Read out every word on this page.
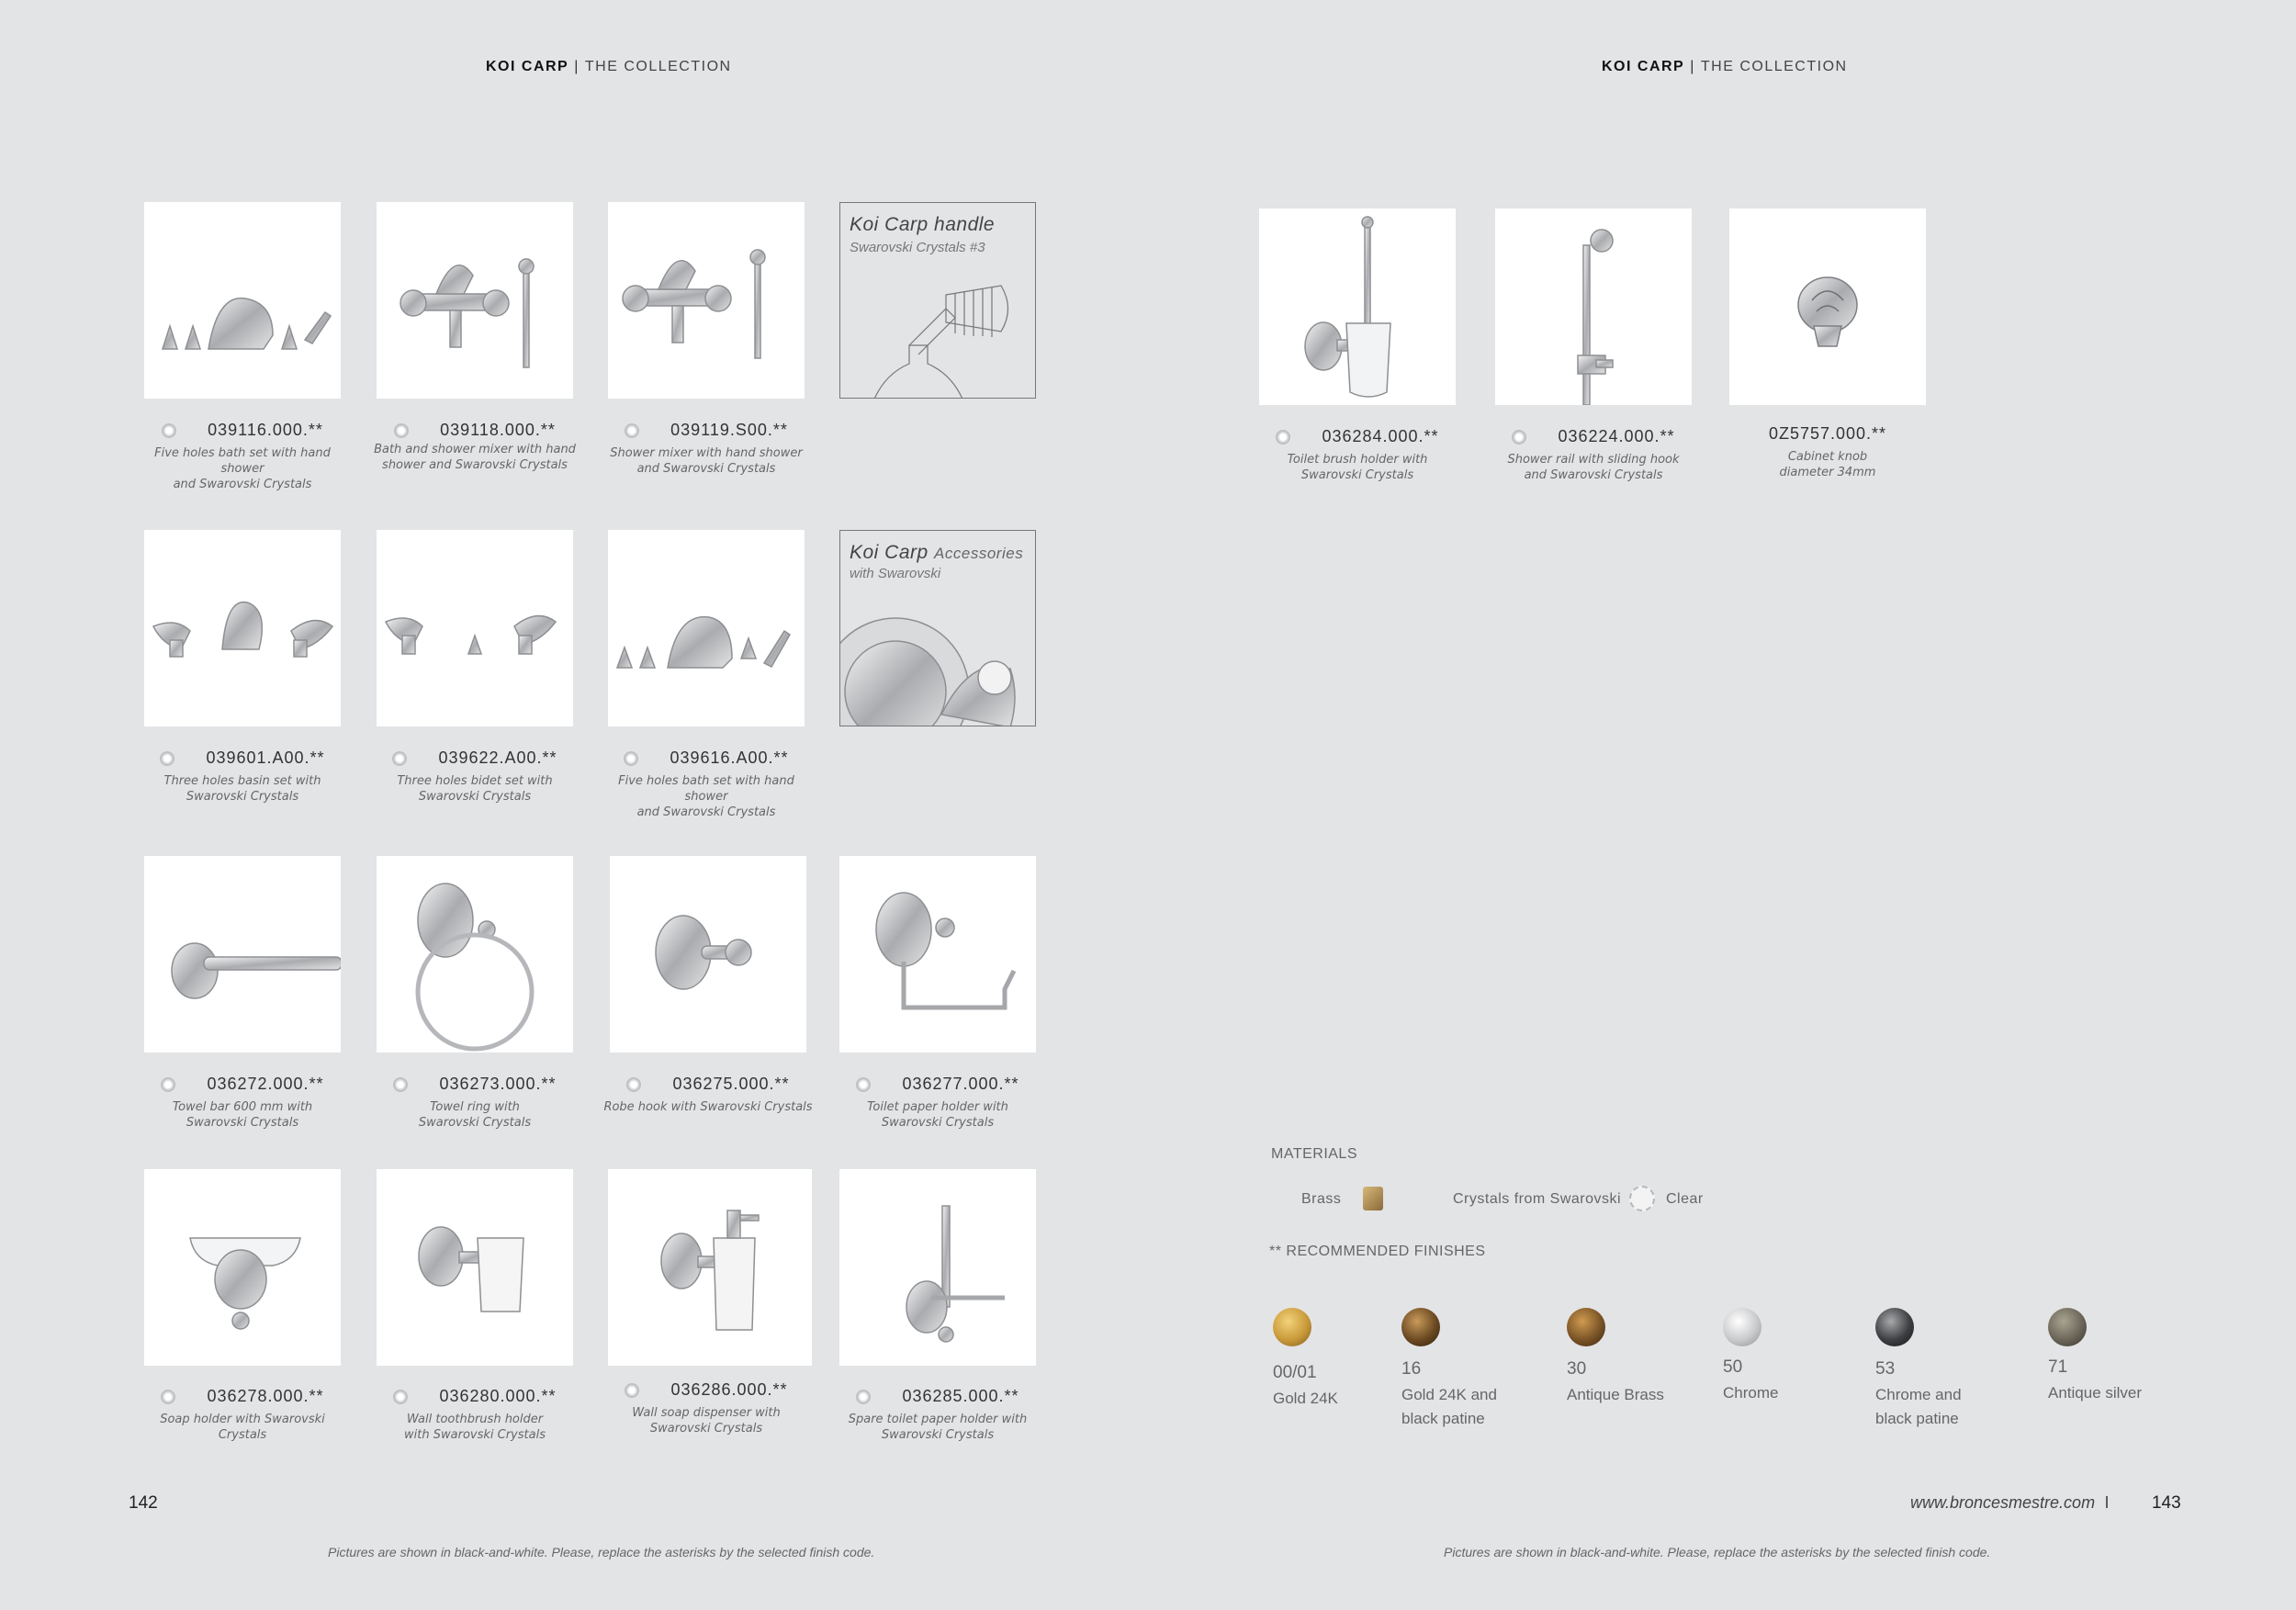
KOI CARP | THE COLLECTION	KOI CARP | THE COLLECTION
Koi Carp handle
Swarovski Crystals #3
039116.000.**
Five holes bath set with hand shower
and Swarovski Crystals
039118.000.**
Bath and shower mixer with hand
shower and Swarovski Crystals
039119.S00.**
Shower mixer with hand shower
and Swarovski Crystals
Koi Carp Accessories
with Swarovski
039601.A00.**
Three holes basin set with
Swarovski Crystals
039622.A00.**
Three holes bidet set with
Swarovski Crystals
039616.A00.**
Five holes bath set with hand shower
and Swarovski Crystals
036272.000.**
Towel bar 600 mm with
Swarovski Crystals
036273.000.**
Towel ring with
Swarovski Crystals
036275.000.**
Robe hook with Swarovski Crystals
036277.000.**
Toilet paper holder with
Swarovski Crystals
036278.000.**
Soap holder with Swarovski
Crystals
036280.000.**
Wall toothbrush holder
with Swarovski Crystals
036286.000.**
Wall soap dispenser with
Swarovski Crystals
036285.000.**
Spare toilet paper holder with
Swarovski Crystals
142
Pictures are shown in black-and-white. Please, replace the asterisks by the selected finish code.
036284.000.**
Toilet brush holder with
Swarovski Crystals
036224.000.**
Shower rail with sliding hook
and Swarovski Crystals
0Z5757.000.**
Cabinet knob
diameter 34mm
MATERIALS
Brass	Crystals from Swarovski	Clear
** RECOMMENDED FINISHES
00/01
Gold 24K
16
Gold 24K and
black patine
30
Antique Brass
50
Chrome
53
Chrome and
black patine
71
Antique silver
www.broncesmestre.com I 143
Pictures are shown in black-and-white. Please, replace the asterisks by the selected finish code.
